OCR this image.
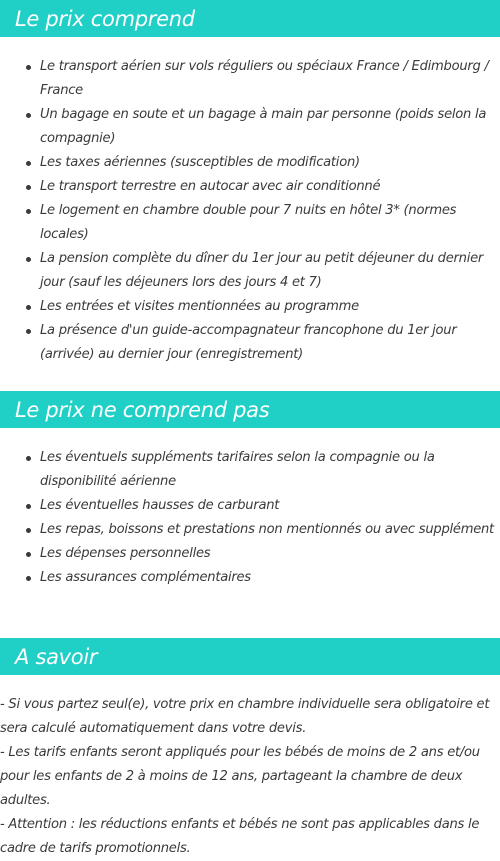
Le prix comprend
Le transport aérien sur vols réguliers ou spéciaux France / Edimbourg / France
Un bagage en soute et un bagage à main par personne (poids selon la compagnie)
Les taxes aériennes (susceptibles de modification)
Le transport terrestre en autocar avec air conditionné
Le logement en chambre double pour 7 nuits en hôtel 3* (normes locales)
La pension complète du dîner du 1er jour au petit déjeuner du dernier jour (sauf les déjeuners lors des jours 4 et 7)
Les entrées et visites mentionnées au programme
La présence d'un guide-accompagnateur francophone du 1er jour (arrivée) au dernier jour (enregistrement)
Le prix ne comprend pas
Les éventuels suppléments tarifaires selon la compagnie ou la disponibilité aérienne
Les éventuelles hausses de carburant
Les repas, boissons et prestations non mentionnés ou avec supplément
Les dépenses personnelles
Les assurances complémentaires
A savoir

- Si vous partez seul(e), votre prix en chambre individuelle sera obligatoire et sera calculé automatiquement dans votre devis.

- Les tarifs enfants seront appliqués pour les bébés de moins de 2 ans et/ou pour les enfants de 2 à moins de 12 ans, partageant la chambre de deux adultes.

- Attention : les réductions enfants et bébés ne sont pas applicables dans le cadre de tarifs promotionnels.
